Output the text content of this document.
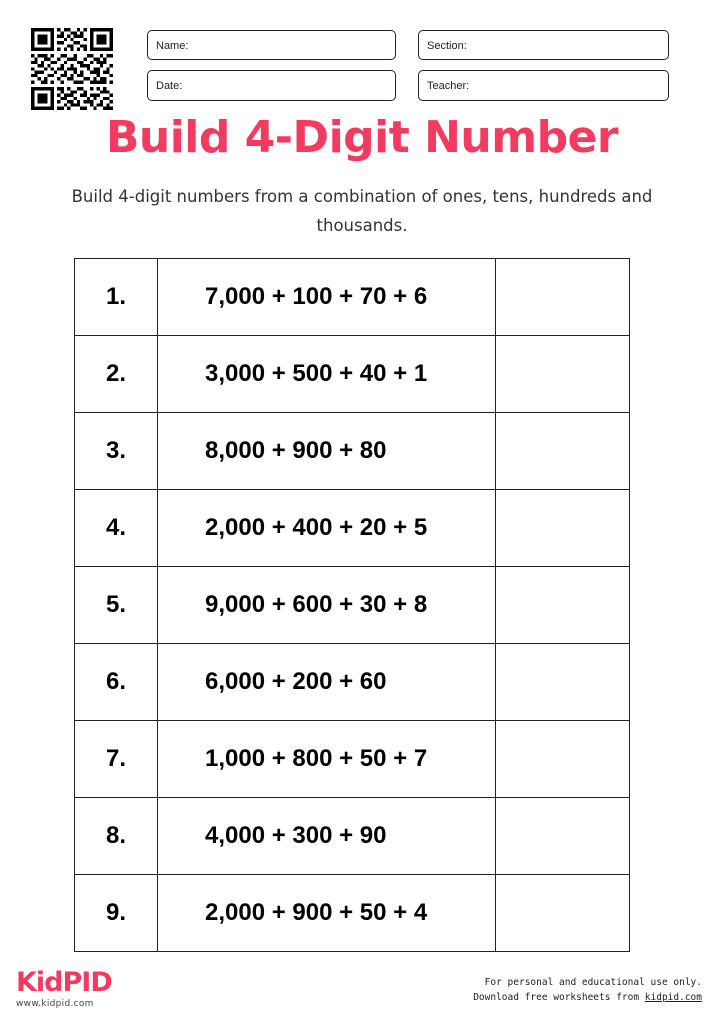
Name:	Section:
Date:	Teacher:
Build 4-Digit Number

Build 4-digit numbers from a combination of ones, tens, hundreds and thousands.

1.	7,000 + 100 + 70 + 6
2.	3,000 + 500 + 40 + 1
3.	8,000 + 900 + 80
4.	2,000 + 400 + 20 + 5
5.	9,000 + 600 + 30 + 8
6.	6,000 + 200 + 60
7.	1,000 + 800 + 50 + 7
8.	4,000 + 300 + 90
9.	2,000 + 900 + 50 + 4
KidPID
www.kidpid.com
For personal and educational use only.
Download free worksheets from kidpid.com
